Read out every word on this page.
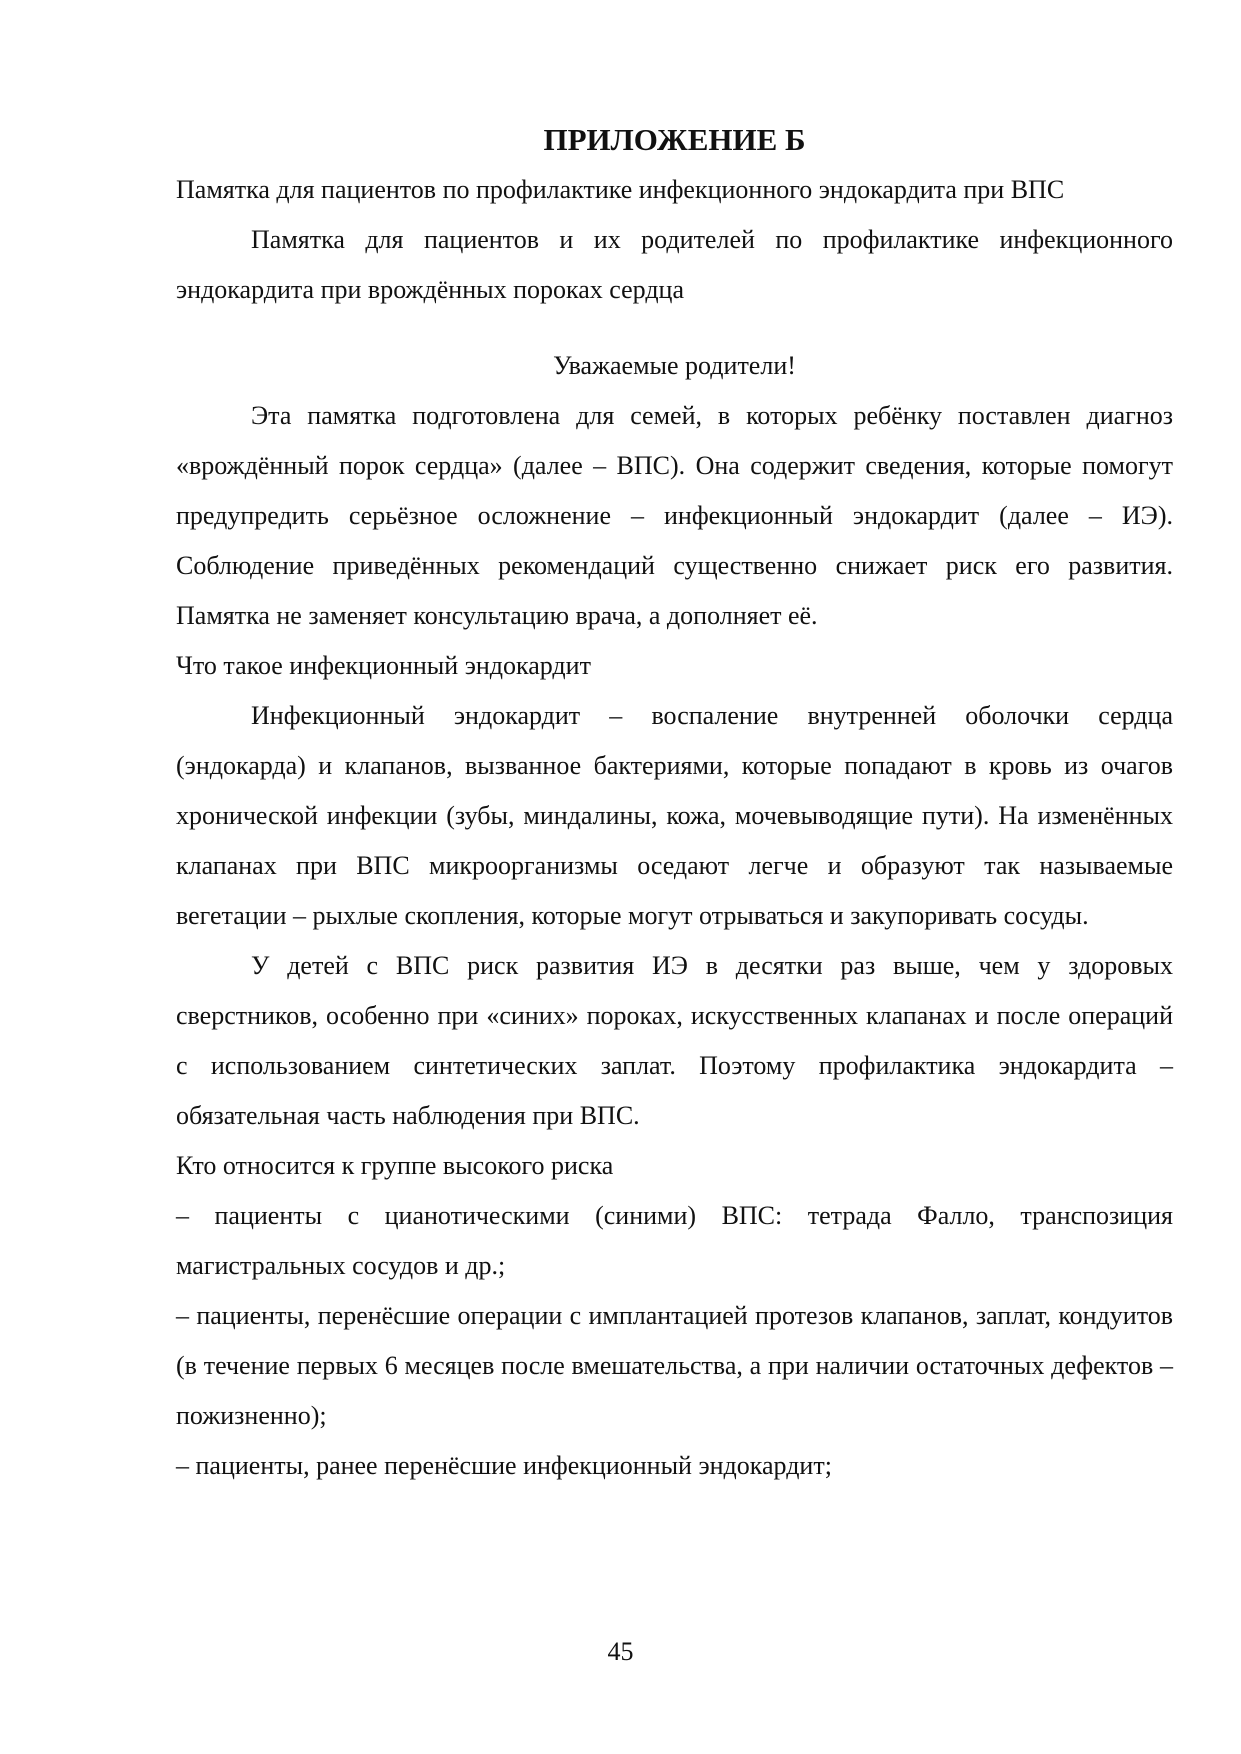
ПРИЛОЖЕНИЕ Б

Памятка для пациентов по профилактике инфекционного эндокардита при ВПС

Памятка для пациентов и их родителей по профилактике инфекционного эндокардита при врождённых пороках сердца

Уважаемые родители!

Эта памятка подготовлена для семей, в которых ребёнку поставлен диагноз «врождённый порок сердца» (далее – ВПС). Она содержит сведения, которые помогут предупредить серьёзное осложнение – инфекционный эндокардит (далее – ИЭ). Соблюдение приведённых рекомендаций существенно снижает риск его развития. Памятка не заменяет консультацию врача, а дополняет её.

Что такое инфекционный эндокардит

Инфекционный эндокардит – воспаление внутренней оболочки сердца (эндокарда) и клапанов, вызванное бактериями, которые попадают в кровь из очагов хронической инфекции (зубы, миндалины, кожа, мочевыводящие пути). На изменённых клапанах при ВПС микроорганизмы оседают легче и образуют так называемые вегетации – рыхлые скопления, которые могут отрываться и закупоривать сосуды.

У детей с ВПС риск развития ИЭ в десятки раз выше, чем у здоровых сверстников, особенно при «синих» пороках, искусственных клапанах и после операций с использованием синтетических заплат. Поэтому профилактика эндокардита – обязательная часть наблюдения при ВПС.

Кто относится к группе высокого риска

– пациенты с цианотическими (синими) ВПС: тетрада Фалло, транспозиция магистральных сосудов и др.;

– пациенты, перенёсшие операции с имплантацией протезов клапанов, заплат, кондуитов (в течение первых 6 месяцев после вмешательства, а при наличии остаточных дефектов – пожизненно);

– пациенты, ранее перенёсшие инфекционный эндокардит;

45
